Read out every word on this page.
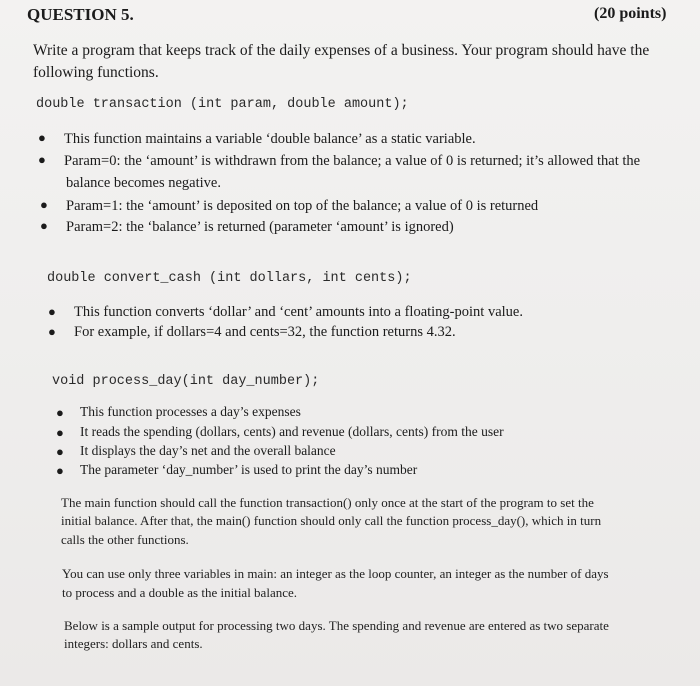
QUESTION 5.	(20 points)
Write a program that keeps track of the daily expenses of a business. Your program should have the
following functions.
double transaction (int param, double amount);
● This function maintains a variable ‘double balance’ as a static variable.
● Param=0: the ‘amount’ is withdrawn from the balance; a value of 0 is returned; it’s allowed that the
balance becomes negative.
● Param=1: the ‘amount’ is deposited on top of the balance; a value of 0 is returned
● Param=2: the ‘balance’ is returned (parameter ‘amount’ is ignored)
double convert_cash (int dollars, int cents);
● This function converts ‘dollar’ and ‘cent’ amounts into a floating-point value.
● For example, if dollars=4 and cents=32, the function returns 4.32.
void process_day(int day_number);
● This function processes a day’s expenses
● It reads the spending (dollars, cents) and revenue (dollars, cents) from the user
● It displays the day’s net and the overall balance
● The parameter ‘day_number’ is used to print the day’s number
The main function should call the function transaction() only once at the start of the program to set the
initial balance. After that, the main() function should only call the function process_day(), which in turn
calls the other functions.
You can use only three variables in main: an integer as the loop counter, an integer as the number of days
to process and a double as the initial balance.
Below is a sample output for processing two days. The spending and revenue are entered as two separate
integers: dollars and cents.
